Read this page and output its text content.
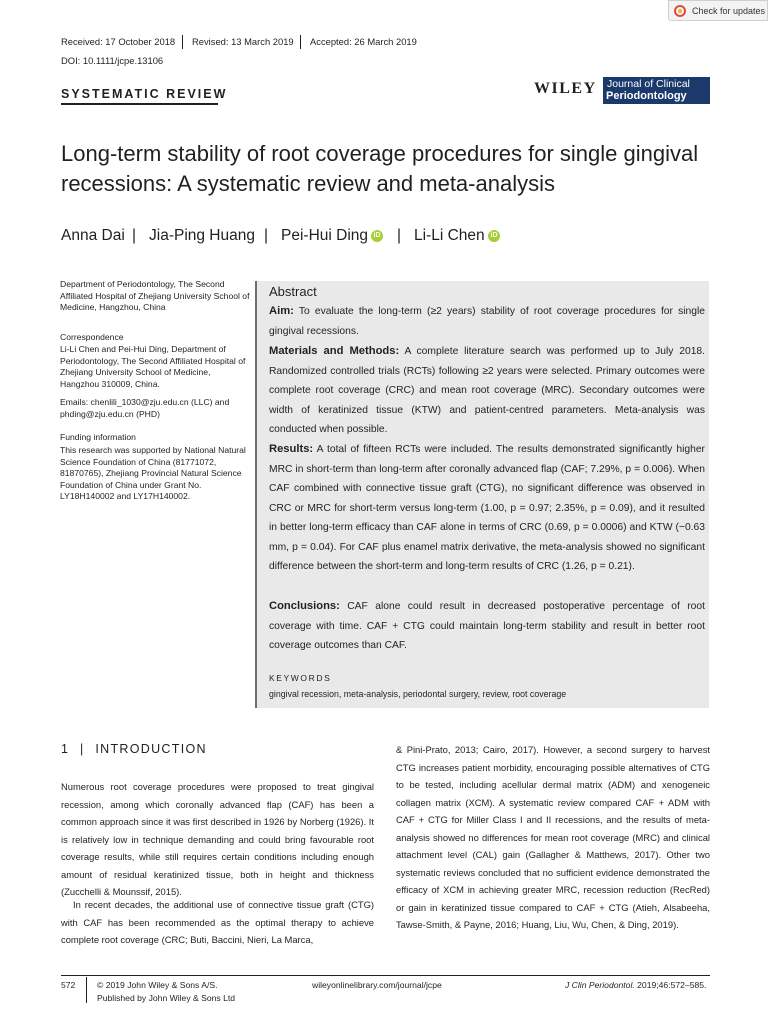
Check for updates
Received: 17 October 2018 Revised: 13 March 2019 Accepted: 26 March 2019
DOI: 10.1111/jcpe.13106
SYSTEMATIC REVIEW	WILEY Journal of Clinical
Periodontology
Long-term stability of root coverage procedures for single gingival recessions: A systematic review and meta-analysis
Anna Dai | Jia-Ping Huang | Pei-Hui Ding iD | Li-Li Chen iD
Department of Periodontology, The Second Affiliated Hospital of Zhejiang University School of Medicine, Hangzhou, China
Correspondence
Li-Li Chen and Pei-Hui Ding, Department of Periodontology, The Second Affiliated Hospital of Zhejiang University School of Medicine, Hangzhou 310009, China.
Emails: chenlili_1030@zju.edu.cn (LLC) and phding@zju.edu.cn (PHD)
Funding information
This research was supported by National Natural Science Foundation of China (81771072, 81870765), Zhejiang Provincial Natural Science Foundation of China under Grant No. LY18H140002 and LY17H140002.
Abstract
Aim: To evaluate the long-term (≥2 years) stability of root coverage procedures for single gingival recessions.
Materials and Methods: A complete literature search was performed up to July 2018. Randomized controlled trials (RCTs) following ≥2 years were selected. Primary outcomes were complete root coverage (CRC) and mean root coverage (MRC). Secondary outcomes were width of keratinized tissue (KTW) and patient-centred parameters. Meta-analysis was conducted when possible.
Results: A total of fifteen RCTs were included. The results demonstrated significantly higher MRC in short-term than long-term after coronally advanced flap (CAF; 7.29%, p = 0.006). When CAF combined with connective tissue graft (CTG), no significant difference was observed in CRC or MRC for short-term versus long-term (1.00, p = 0.97; 2.35%, p = 0.09), and it resulted in better long-term efficacy than CAF alone in terms of CRC (0.69, p = 0.0006) and KTW (−0.63 mm, p = 0.04). For CAF plus enamel matrix derivative, the meta-analysis showed no significant difference between the short-term and long-term results of CRC (1.26, p = 0.21).
Conclusions: CAF alone could result in decreased postoperative percentage of root coverage with time. CAF + CTG could maintain long-term stability and result in better root coverage outcomes than CAF.
KEYWORDS
gingival recession, meta-analysis, periodontal surgery, review, root coverage
1 | INTRODUCTION
Numerous root coverage procedures were proposed to treat gingival recession, among which coronally advanced flap (CAF) has been a common approach since it was first described in 1926 by Norberg (1926). It is relatively low in technique demanding and could bring favourable root coverage results, while still requires certain conditions including enough amount of residual keratinized tissue, both in height and thickness (Zucchelli & Mounssif, 2015).
In recent decades, the additional use of connective tissue graft (CTG) with CAF has been recommended as the optimal therapy to achieve complete root coverage (CRC; Buti, Baccini, Nieri, La Marca,
& Pini-Prato, 2013; Cairo, 2017). However, a second surgery to harvest CTG increases patient morbidity, encouraging possible alternatives of CTG to be tested, including acellular dermal matrix (ADM) and xenogeneic collagen matrix (XCM). A systematic review compared CAF + ADM with CAF + CTG for Miller Class I and II recessions, and the results of meta-analysis showed no differences for mean root coverage (MRC) and clinical attachment level (CAL) gain (Gallagher & Matthews, 2017). Other two systematic reviews concluded that no sufficient evidence demonstrated the efficacy of XCM in achieving greater MRC, recession reduction (RecRed) or gain in keratinized tissue compared to CAF + CTG (Atieh, Alsabeeha, Tawse-Smith, & Payne, 2016; Huang, Liu, Wu, Chen, & Ding, 2019).
572	© 2019 John Wiley & Sons A/S.
Published by John Wiley & Sons Ltd
wileyonlinelibrary.com/journal/jcpe	J Clin Periodontol. 2019;46:572–585.
